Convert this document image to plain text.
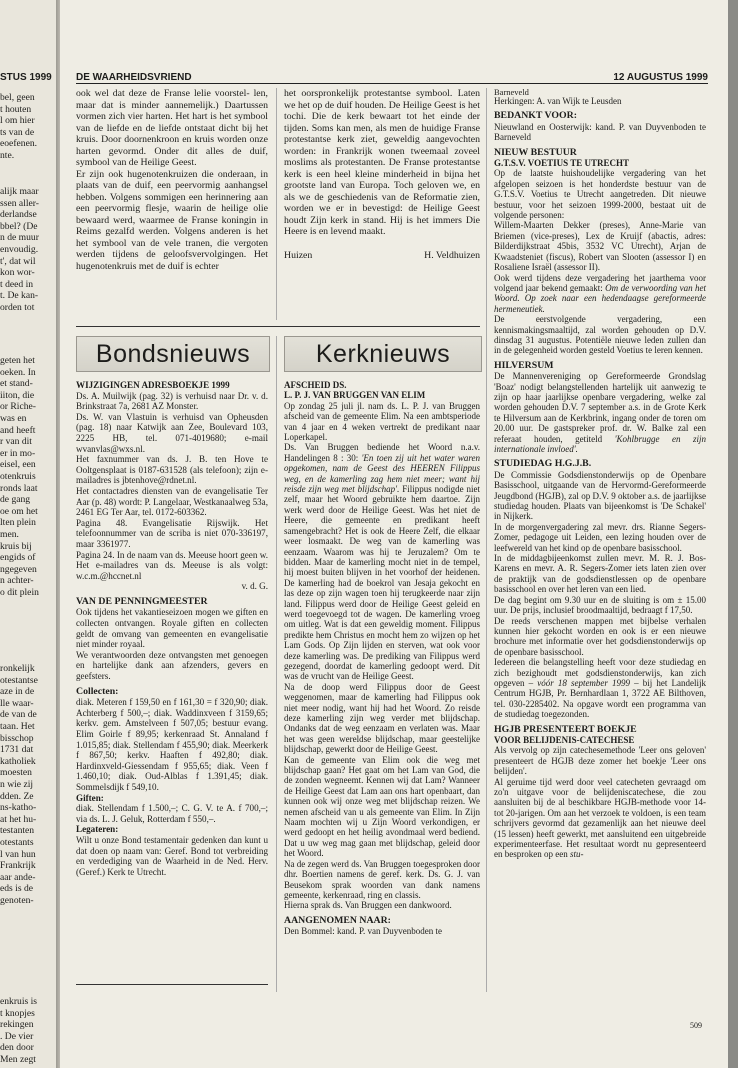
STUS 1999
bel, geen
t houten
l om hier
ts van de
eoefenen.
nte.
alijk maar
ssen aller-
derlandse
bbel? (De
n de muur
envoudig.
t', dat wil
kon wor-
t deed in
t. De kan-
orden tot
geten het
oeken. In
et stand-
iiton, die
or Riche-
was en
and heeft
r van dit
er in mo-
eisel, een
otenkruis
ronds laat
de gang
oe om het
lten plein
men.
kruis bij
engids of
ngegeven
n achter-
o dit plein
ronkelijk
otestantse
aze in de
lle waar-
de van de
taan. Het
bisschop
1731 dat
katholiek
moesten
n wie zij
dden. Ze
ns-katho-
at het hu-
testanten
otestants
l van hun
Frankrijk
aar ande-
eds is de
genoten-
enkruis is
t knopjes
rekingen
. De vier
den door
Men zegt
DE WAARHEIDSVRIEND	12 AUGUSTUS 1999

ook wel dat deze de Franse lelie voorstel- len, maar dat is minder aannemelijk.) Daartussen vormen zich vier harten. Het hart is het symbool van de liefde en de liefde ontstaat dicht bij het kruis. Door doornenkroon en kruis worden onze harten gevormd. Onder dit alles de duif, symbool van de Heilige Geest.

Er zijn ook hugenotenkruizen die onderaan, in plaats van de duif, een peervormig aanhangsel hebben. Volgens sommigen een herinnering aan een peervormig flesje, waarin de heilige olie bewaard werd, waarmee de Franse koningin in Reims gezalfd werden. Volgens anderen is het het symbool van de vele tranen, die vergoten werden tijdens de geloofsvervolgingen. Het hugenotenkruis met de duif is echter

het oorspronkelijk protestantse symbool. Laten we het op de duif houden. De Heilige Geest is het tochi. Die de kerk bewaart tot het einde der tijden. Soms kan men, als men de huidige Franse protestantse kerk ziet, geweldig aangevochten worden: in Frankrijk wonen tweemaal zoveel moslims als protestanten. De Franse protestantse kerk is een heel kleine minderheid in bijna het grootste land van Europa. Toch geloven we, en als we de geschiedenis van de Reformatie zien, worden we er in bevestigd: de Heilige Geest houdt Zijn kerk in stand. Hij is het immers Die Heere is en levend maakt.

Huizen	H. Veldhuizen
Bondsnieuws

WIJZIGINGEN ADRESBOEKJE 1999

Ds. A. Muilwijk (pag. 32) is verhuisd naar Dr. v. d. Brinkstraat 7a, 2681 AZ Monster.

Ds. W. van Vlastuin is verhuisd van Opheusden (pag. 18) naar Katwijk aan Zee, Boulevard 103, 2225 HB, tel. 071-4019680; e-mail wvanvlas@wxs.nl.

Het faxnummer van ds. J. B. ten Hove te Ooltgensplaat is 0187-631528 (als telefoon); zijn e-mailadres is jbtenhove@rdnet.nl.

Het contactadres diensten van de evangelisatie Ter Aar (p. 48) wordt: P. Langelaar, Westkanaalweg 53a, 2461 EG Ter Aar, tel. 0172-603362.

Pagina 48. Evangelisatie Rijswijk. Het telefoonnummer van de scriba is niet 070-336197, maar 3361977.

Pagina 24. In de naam van ds. Meeuse hoort geen w. Het e-mailadres van ds. Meeuse is als volgt: w.c.m.@hccnet.nl

v. d. G.

VAN DE PENNINGMEESTER

Ook tijdens het vakantieseizoen mogen we giften en collecten ontvangen. Royale giften en collecten geldt de omvang van gemeenten en evangelisatie niet minder royaal.

We verantwoorden deze ontvangsten met genoegen en hartelijke dank aan afzenders, gevers en geefsters.

Collecten:

diak. Meteren f 159,50 en f 161,30 = f 320,90; diak. Achterberg f 500,–; diak. Waddinxveen f 3159,65; kerkv. gem. Amstelveen f 507,05; bestuur evang. Elim Goirle f 89,95; kerkenraad St. Annaland f 1.015,85; diak. Stellendam f 455,90; diak. Meerkerk f 867,50; kerkv. Haaften f 492,80; diak. Hardinxveld-Giessendam f 955,65; diak. Veen f 1.460,10; diak. Oud-Alblas f 1.391,45; diak. Sommelsdijk f 549,10.

Giften:

diak. Stellendam f 1.500,–; C. G. V. te A. f 700,–; via ds. L. J. Geluk, Rotterdam f 550,–.

Legateren:

Wilt u onze Bond testamentair gedenken dan kunt u dat doen op naam van: Geref. Bond tot verbreiding en verdediging van de Waarheid in de Ned. Herv. (Geref.) Kerk te Utrecht.

Kerknieuws

AFSCHEID DS.

L. P. J. VAN BRUGGEN VAN ELIM

Op zondag 25 juli jl. nam ds. L. P. J. van Bruggen afscheid van de gemeente Elim. Na een ambtsperiode van 4 jaar en 4 weken vertrekt de predikant naar Loperkapel.

Ds. Van Bruggen bediende het Woord n.a.v. Handelingen 8 : 30: 'En toen zij uit het water waren opgekomen, nam de Geest des HEEREN Filippus weg, en de kamerling zag hem niet meer; want hij reisde zijn weg met blijdschap'. Filippus nodigde niet zelf, maar het Woord gebruikte hem daartoe. Zijn werk werd door de Heilige Geest. Was het niet de Heere, die gemeente en predikant heeft samengebracht? Het is ook de Heere Zelf, die elkaar weer losmaakt. De weg van de kamerling was eenzaam. Waarom was hij te Jeruzalem? Om te bidden. Maar de kamerling mocht niet in de tempel, hij moest buiten blijven in het voorhof der heidenen. De kamerling had de boekrol van Jesaja gekocht en las deze op zijn wagen toen hij terugkeerde naar zijn land. Filippus werd door de Heilige Geest geleid en werd toegevoegd tot de wagen. De kamerling vroeg om uitleg. Wat is dat een geweldig moment. Filippus predikte hem Christus en mocht hem zo wijzen op het Lam Gods. Op Zijn lijden en sterven, wat ook voor deze kamerling was. De prediking van Filippus werd gezegend, doordat de kamerling gedoopt werd. Dit was de vrucht van de Heilige Geest.

Na de doop werd Filippus door de Geest weggenomen, maar de kamerling had Filippus ook niet meer nodig, want hij had het Woord. Zo reisde deze kamerling zijn weg verder met blijdschap. Ondanks dat de weg eenzaam en verlaten was. Maar het was geen wereldse blijdschap, maar geestelijke blijdschap, gewerkt door de Heilige Geest.

Kan de gemeente van Elim ook die weg met blijdschap gaan? Het gaat om het Lam van God, die de zonden wegneemt. Kennen wij dat Lam? Wanneer de Heilige Geest dat Lam aan ons hart openbaart, dan kunnen ook wij onze weg met blijdschap reizen. We nemen afscheid van u als gemeente van Elim. In Zijn Naam mochten wij u Zijn Woord verkondigen, er werd gedoopt en het heilig avondmaal werd bediend. Dat u uw weg mag gaan met blijdschap, geleid door het Woord.

Na de zegen werd ds. Van Bruggen toegesproken door dhr. Boertien namens de geref. kerk. Ds. G. J. van Beusekom sprak woorden van dank namens gemeente, kerkenraad, ring en classis.

Hierna sprak ds. Van Bruggen een dankwoord.

AANGENOMEN NAAR:

Den Bommel: kand. P. van Duyvenboden te

Barneveld

Herkingen: A. van Wijk te Leusden

BEDANKT VOOR:

Nieuwland en Oosterwijk: kand. P. van Duyvenboden te Barneveld

NIEUW BESTUUR

G.T.S.V. VOETIUS TE UTRECHT

Op de laatste huishoudelijke vergadering van het afgelopen seizoen is het honderdste bestuur van de G.T.S.V. Voetius te Utrecht aangetreden. Dit nieuwe bestuur, voor het seizoen 1999-2000, bestaat uit de volgende personen:

Willem-Maarten Dekker (preses), Anne-Marie van Briemen (vice-preses), Lex de Kruijf (abactis, adres: Bilderdijkstraat 45bis, 3532 VC Utrecht), Arjan de Kwaadsteniet (fiscus), Robert van Slooten (assessor I) en Rosaliene Israël (assessor II).

Ook werd tijdens deze vergadering het jaarthema voor volgend jaar bekend gemaakt: Om de verwoording van het Woord. Op zoek naar een hedendaagse gereformeerde hermeneutiek.

De eerstvolgende vergadering, een kennismakingsmaaltijd, zal worden gehouden op D.V. dinsdag 31 augustus. Potentiële nieuwe leden zullen dan in de gelegenheid worden gesteld Voetius te leren kennen.

HILVERSUM

De Mannenvereniging op Gereformeerde Grondslag 'Boaz' nodigt belangstellenden hartelijk uit aanwezig te zijn op haar jaarlijkse openbare vergadering, welke zal worden gehouden D.V. 7 september a.s. in de Grote Kerk te Hilversum aan de Kerkbrink, ingang onder de toren om 20.00 uur. De gastspreker prof. dr. W. Balke zal een referaat houden, getiteld 'Kohlbrugge en zijn internationale invloed'.

STUDIEDAG H.G.J.B.

De Commissie Godsdienstonderwijs op de Openbare Basisschool, uitgaande van de Hervormd-Gereformeerde Jeugdbond (HGJB), zal op D.V. 9 oktober a.s. de jaarlijkse studiedag houden. Plaats van bijeenkomst is 'De Schakel' in Nijkerk.

In de morgenvergadering zal mevr. drs. Rianne Segers-Zomer, pedagoge uit Leiden, een lezing houden over de leefwereld van het kind op de openbare basisschool.

In de middagbijeenkomst zullen mevr. M. R. J. Bos-Karens en mevr. A. R. Segers-Zomer iets laten zien over de praktijk van de godsdienstlessen op de openbare basisschool en over het leren van een lied.

De dag begint om 9.30 uur en de sluiting is om ± 15.00 uur. De prijs, inclusief broodmaaltijd, bedraagt f 17,50.

De reeds verschenen mappen met bijbelse verhalen kunnen hier gekocht worden en ook is er een nieuwe brochure met informatie over het godsdienstonderwijs op de openbare basisschool.

Iedereen die belangstelling heeft voor deze studiedag en zich bezighoudt met godsdienstonderwijs, kan zich opgeven – vóór 18 september 1999 – bij het Landelijk Centrum HGJB, Pr. Bernhardlaan 1, 3722 AE Bilthoven, tel. 030-2285402. Na opgave wordt een programma van de studiedag toegezonden.

HGJB PRESENTEERT BOEKJE

VOOR BELIJDENIS-CATECHESE

Als vervolg op zijn catechesemethode 'Leer ons geloven' presenteert de HGJB deze zomer het boekje 'Leer ons belijden'.

Al geruime tijd werd door veel catecheten gevraagd om zo'n uitgave voor de belijdeniscatechese, die zou aansluiten bij de al beschikbare HGJB-methode voor 14- tot 20-jarigen. Om aan het verzoek te voldoen, is een team schrijvers gevormd dat gezamenlijk aan het nieuwe deel (15 lessen) heeft gewerkt, met aansluitend een uitgebreide experimenteerfase. Het resultaat wordt nu gepresenteerd en besproken op een stu-

509
